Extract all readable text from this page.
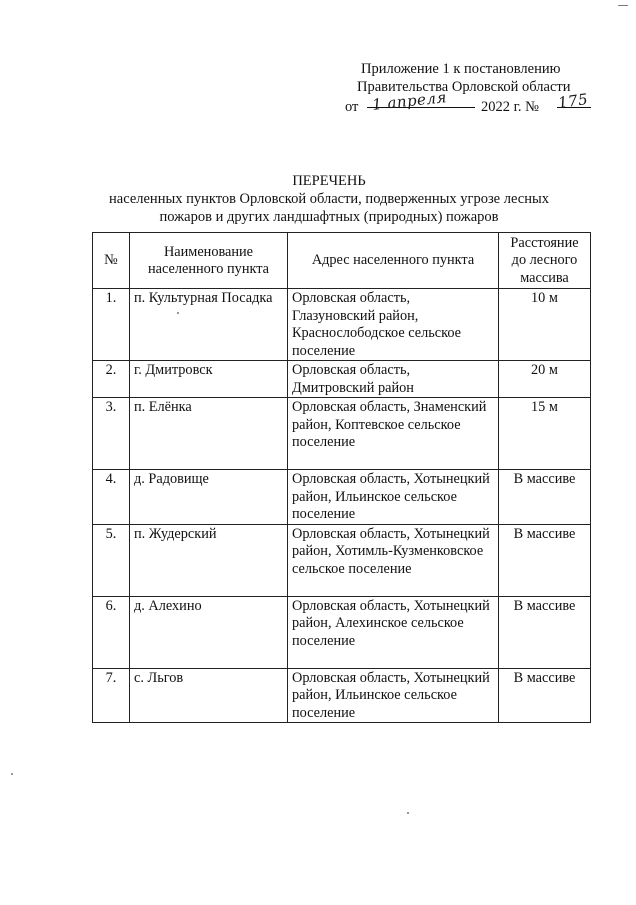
Приложение 1 к постановлению
Правительства Орловской области
от 1 апреля 2022 г. № 175
ПЕРЕЧЕНЬ
населенных пунктов Орловской области, подверженных угрозе лесных
пожаров и других ландшафтных (природных) пожаров
№	Наименование населенного пункта	Адрес населенного пункта	Расстояние до лесного массива
1.	п. Культурная Посадка	Орловская область, Глазуновский район, Краснослободское сельское поселение	10 м
2.	г. Дмитровск	Орловская область, Дмитровский район	20 м
3.	п. Елёнка	Орловская область, Знаменский район, Коптевское сельское поселение	15 м
4.	д. Радовище	Орловская область, Хотынецкий район, Ильинское сельское поселение	В массиве
5.	п. Жудерский	Орловская область, Хотынецкий район, Хотимль-Кузменковское сельское поселение	В массиве
6.	д. Алехино	Орловская область, Хотынецкий район, Алехинское сельское поселение	В массиве
7.	с. Льгов	Орловская область, Хотынецкий район, Ильинское сельское поселение	В массиве
